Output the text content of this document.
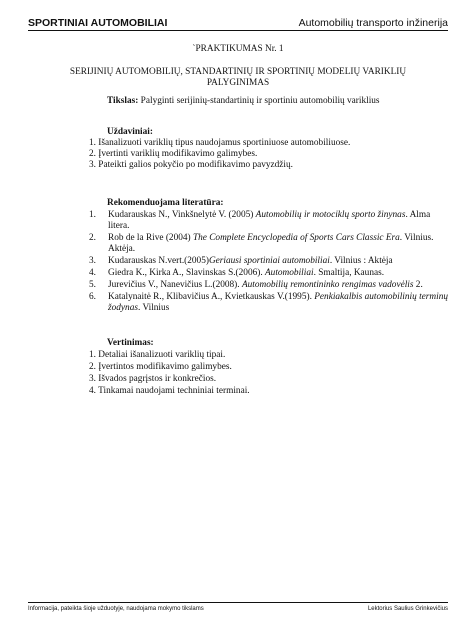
SPORTINIAI AUTOMOBILIAI	Automobilių transporto inžinerija
`PRAKTIKUMAS Nr. 1
SERIJINIŲ AUTOMOBILIŲ, STANDARTINIŲ IR SPORTINIŲ MODELIŲ VARIKLIŲ
PALYGINIMAS
Tikslas: Palyginti serijinių-standartinių ir sportiniu automobilių variklius
Uždaviniai:
1. Išanalizuoti variklių tipus naudojamus sportiniuose automobiliuose.
2. Įvertinti variklių modifikavimo galimybes.
3. Pateikti galios pokyčio po modifikavimo pavyzdžių.
Rekomenduojama literatūra:
1. Kudarauskas N., Vinkšnelytė V. (2005) Automobilių ir motociklų sporto žinynas. Alma
litera.
2. Rob de la Rive (2004) The Complete Encyclopedia of Sports Cars Classic Era. Vilnius.
Aktėja.
3. Kudarauskas N.vert.(2005)Geriausi sportiniai automobiliai. Vilnius : Aktėja
4. Giedra K., Kirka A., Slavinskas S.(2006). Automobiliai. Smaltija, Kaunas.
5. Jurevičius V., Nanevičius L.(2008). Automobilių remontininko rengimas vadovėlis 2.
6. Katalynaitė R., Klibavičius A., Kvietkauskas V.(1995). Penkiakalbis automobilinių terminų
žodynas. Vilnius
Vertinimas:
1. Detaliai išanalizuoti variklių tipai.
2. Įvertintos modifikavimo galimybes.
3. Išvados pagrįstos ir konkrečios.
4. Tinkamai naudojami techniniai terminai.
Informacija, pateikta šioje užduotyje, naudojama mokymo tikslams	Lektorius Saulius Grinkevičius
